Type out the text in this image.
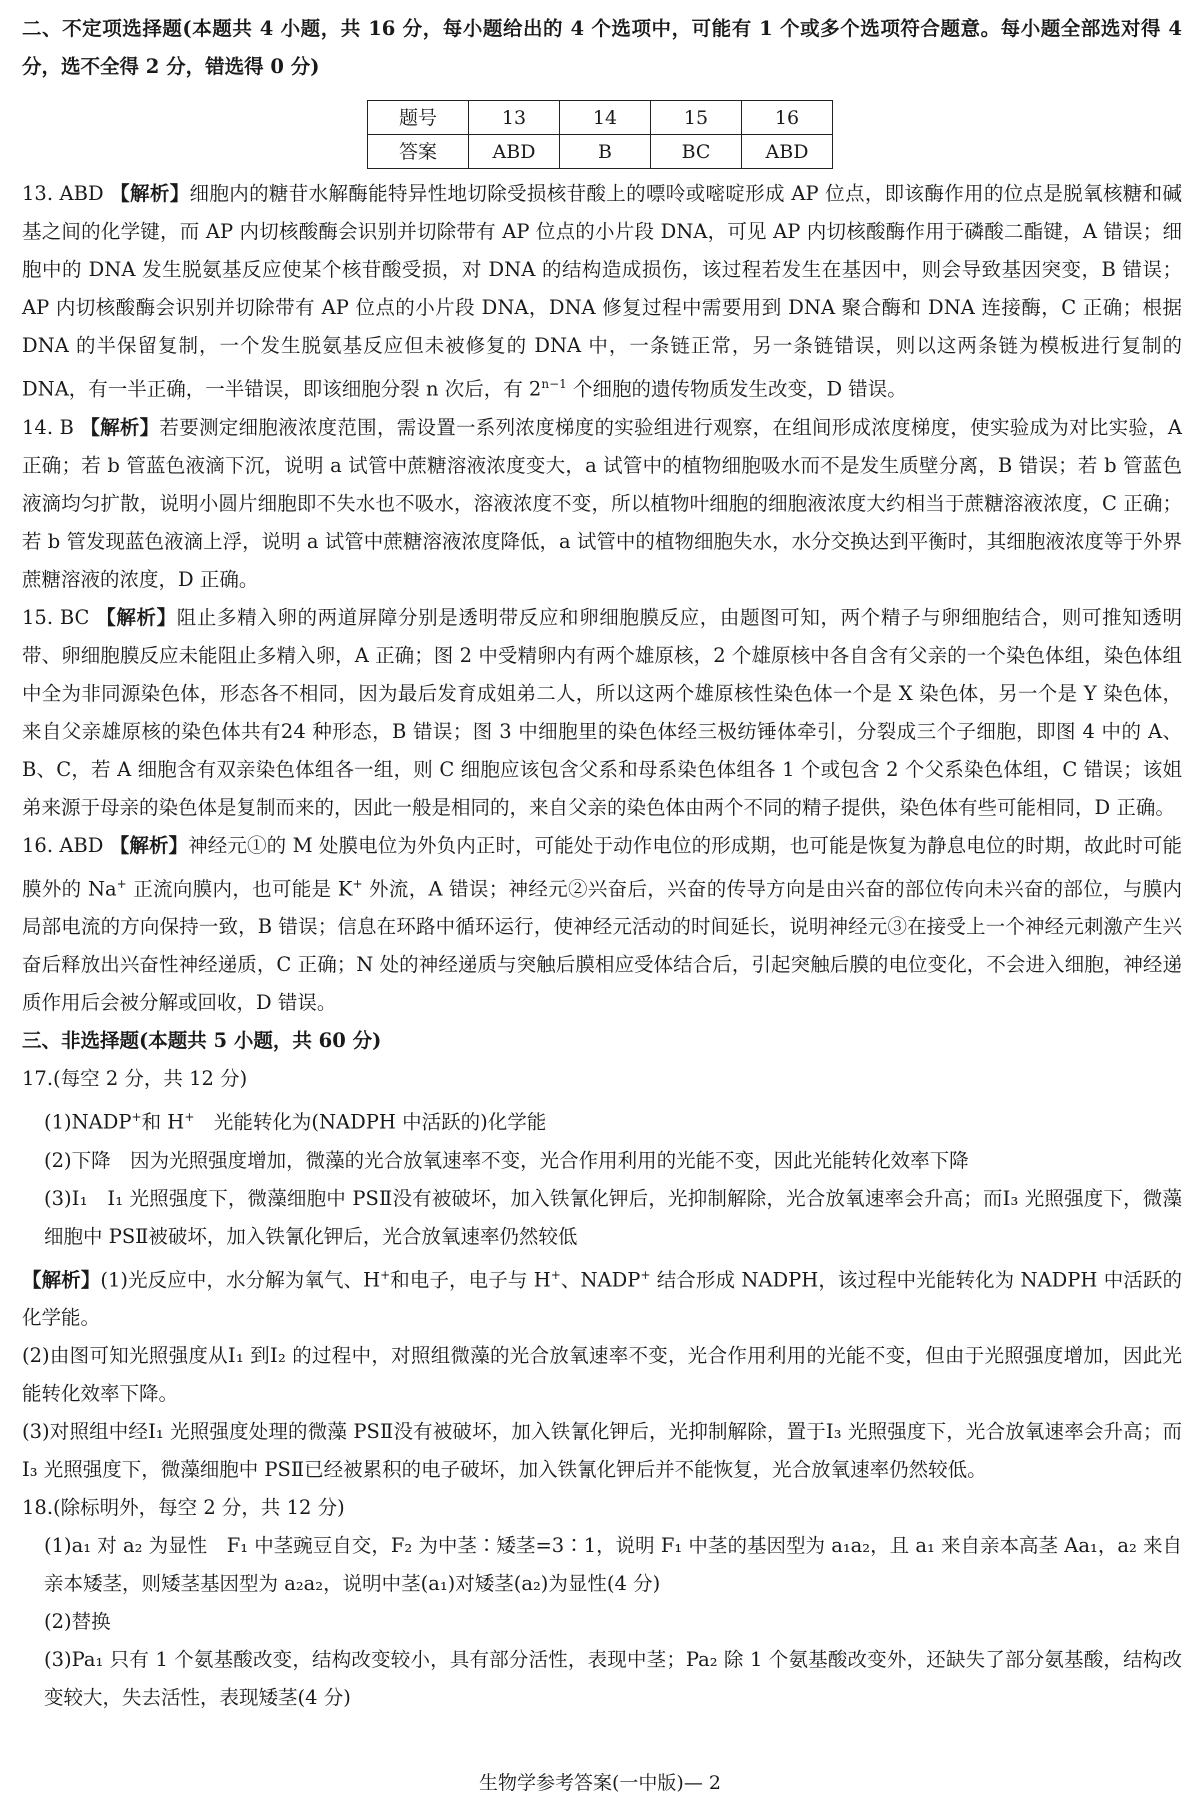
二、不定项选择题(本题共 4 小题，共 16 分，每小题给出的 4 个选项中，可能有 1 个或多个选项符合题意。每小题全部选对得 4 分，选不全得 2 分，错选得 0 分)

题号	13	14	15	16
答案	ABD	B	BC	ABD

13. ABD 【解析】细胞内的糖苷水解酶能特异性地切除受损核苷酸上的嘌呤或嘧啶形成 AP 位点，即该酶作用的位点是脱氧核糖和碱基之间的化学键，而 AP 内切核酸酶会识别并切除带有 AP 位点的小片段 DNA，可见 AP 内切核酸酶作用于磷酸二酯键，A 错误；细胞中的 DNA 发生脱氨基反应使某个核苷酸受损，对 DNA 的结构造成损伤，该过程若发生在基因中，则会导致基因突变，B 错误；AP 内切核酸酶会识别并切除带有 AP 位点的小片段 DNA，DNA 修复过程中需要用到 DNA 聚合酶和 DNA 连接酶，C 正确；根据 DNA 的半保留复制，一个发生脱氨基反应但未被修复的 DNA 中，一条链正常，另一条链错误，则以这两条链为模板进行复制的 DNA，有一半正确，一半错误，即该细胞分裂 n 次后，有 $2^{n-1}$ 个细胞的遗传物质发生改变，D 错误。

14. B 【解析】若要测定细胞液浓度范围，需设置一系列浓度梯度的实验组进行观察，在组间形成浓度梯度，使实验成为对比实验，A 正确；若 b 管蓝色液滴下沉，说明 a 试管中蔗糖溶液浓度变大，a 试管中的植物细胞吸水而不是发生质壁分离，B 错误；若 b 管蓝色液滴均匀扩散，说明小圆片细胞即不失水也不吸水，溶液浓度不变，所以植物叶细胞的细胞液浓度大约相当于蔗糖溶液浓度，C 正确；若 b 管发现蓝色液滴上浮，说明 a 试管中蔗糖溶液浓度降低，a 试管中的植物细胞失水，水分交换达到平衡时，其细胞液浓度等于外界蔗糖溶液的浓度，D 正确。

15. BC 【解析】阻止多精入卵的两道屏障分别是透明带反应和卵细胞膜反应，由题图可知，两个精子与卵细胞结合，则可推知透明带、卵细胞膜反应未能阻止多精入卵，A 正确；图 2 中受精卵内有两个雄原核，2 个雄原核中各自含有父亲的一个染色体组，染色体组中全为非同源染色体，形态各不相同，因为最后发育成姐弟二人，所以这两个雄原核性染色体一个是 X 染色体，另一个是 Y 染色体，来自父亲雄原核的染色体共有24 种形态，B 错误；图 3 中细胞里的染色体经三极纺锤体牵引，分裂成三个子细胞，即图 4 中的 A、B、C，若 A 细胞含有双亲染色体组各一组，则 C 细胞应该包含父系和母系染色体组各 1 个或包含 2 个父系染色体组，C 错误；该姐弟来源于母亲的染色体是复制而来的，因此一般是相同的，来自父亲的染色体由两个不同的精子提供，染色体有些可能相同，D 正确。

16. ABD 【解析】神经元①的 M 处膜电位为外负内正时，可能处于动作电位的形成期，也可能是恢复为静息电位的时期，故此时可能膜外的 Na+ 正流向膜内，也可能是 K+ 外流，A 错误；神经元②兴奋后，兴奋的传导方向是由兴奋的部位传向未兴奋的部位，与膜内局部电流的方向保持一致，B 错误；信息在环路中循环运行，使神经元活动的时间延长，说明神经元③在接受上一个神经元刺激产生兴奋后释放出兴奋性神经递质，C 正确；N 处的神经递质与突触后膜相应受体结合后，引起突触后膜的电位变化，不会进入细胞，神经递质作用后会被分解或回收，D 错误。

三、非选择题(本题共 5 小题，共 60 分)

17.(每空 2 分，共 12 分)

(1)NADP+和 H+　光能转化为(NADPH 中活跃的)化学能

(2)下降　因为光照强度增加，微藻的光合放氧速率不变，光合作用利用的光能不变，因此光能转化效率下降

(3)Ⅰ₁　Ⅰ₁ 光照强度下，微藻细胞中 PSⅡ没有被破坏，加入铁氰化钾后，光抑制解除，光合放氧速率会升高；而Ⅰ₃ 光照强度下，微藻细胞中 PSⅡ被破坏，加入铁氰化钾后，光合放氧速率仍然较低

【解析】(1)光反应中，水分解为氧气、H+和电子，电子与 H+、NADP+ 结合形成 NADPH，该过程中光能转化为 NADPH 中活跃的化学能。

(2)由图可知光照强度从Ⅰ₁ 到Ⅰ₂ 的过程中，对照组微藻的光合放氧速率不变，光合作用利用的光能不变，但由于光照强度增加，因此光能转化效率下降。

(3)对照组中经Ⅰ₁ 光照强度处理的微藻 PSⅡ没有被破坏，加入铁氰化钾后，光抑制解除，置于Ⅰ₃ 光照强度下，光合放氧速率会升高；而Ⅰ₃ 光照强度下，微藻细胞中 PSⅡ已经被累积的电子破坏，加入铁氰化钾后并不能恢复，光合放氧速率仍然较低。

18.(除标明外，每空 2 分，共 12 分)

(1)a₁ 对 a₂ 为显性　F₁ 中茎豌豆自交，F₂ 为中茎∶矮茎=3∶1，说明 F₁ 中茎的基因型为 a₁a₂，且 a₁ 来自亲本高茎 Aa₁，a₂ 来自亲本矮茎，则矮茎基因型为 a₂a₂，说明中茎(a₁)对矮茎(a₂)为显性(4 分)

(2)替换

(3)Pa₁ 只有 1 个氨基酸改变，结构改变较小，具有部分活性，表现中茎；Pa₂ 除 1 个氨基酸改变外，还缺失了部分氨基酸，结构改变较大，失去活性，表现矮茎(4 分)

生物学参考答案(一中版)— 2
